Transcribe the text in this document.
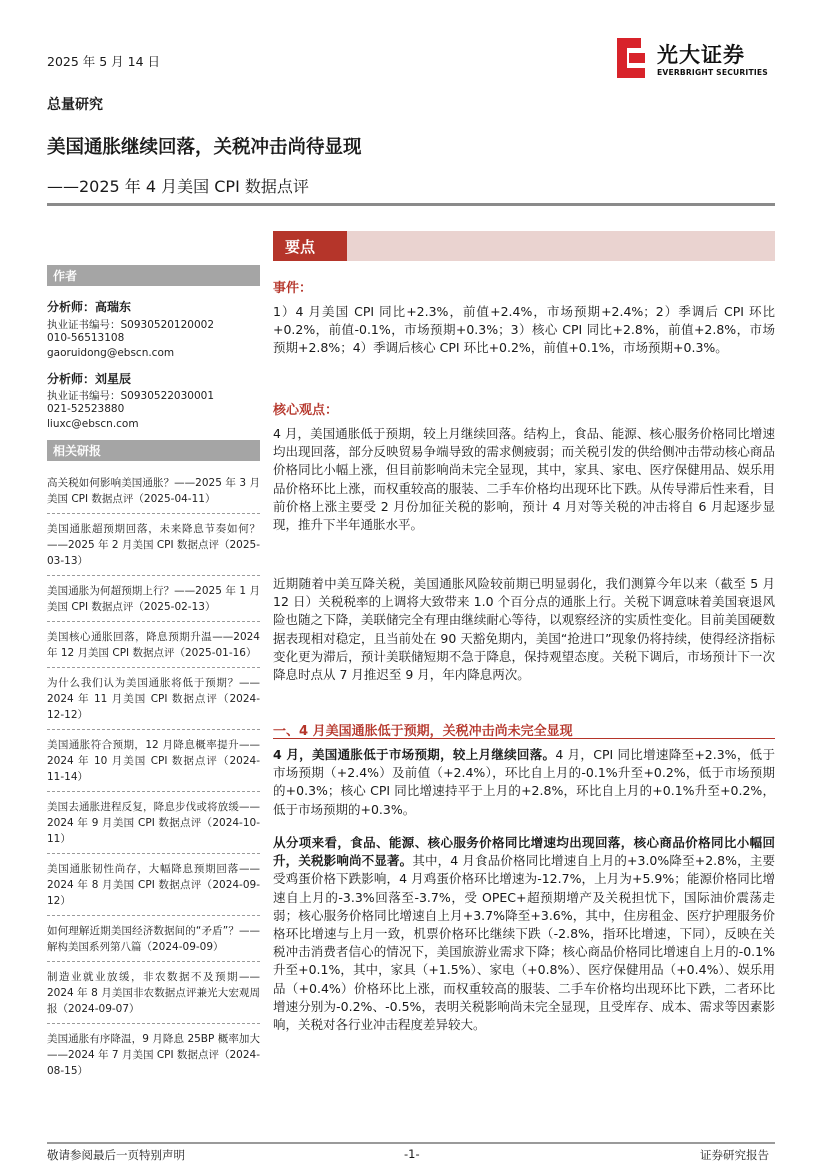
2025 年 5 月 14 日	光大证券
EVERBRIGHT SECURITIES
总量研究
美国通胀继续回落，关税冲击尚待显现
——2025 年 4 月美国 CPI 数据点评
要点
作者
分析师：高瑞东
执业证书编号：S0930520120002
010-56513108
gaoruidong@ebscn.com
分析师：刘星辰
执业证书编号：S0930522030001
021-52523880
liuxc@ebscn.com
相关研报
高关税如何影响美国通胀？——2025 年 3 月美国 CPI 数据点评（2025-04-11）
美国通胀超预期回落，未来降息节奏如何？——2025 年 2 月美国 CPI 数据点评（2025-03-13）
美国通胀为何超预期上行？——2025 年 1 月美国 CPI 数据点评（2025-02-13）
美国核心通胀回落，降息预期升温——2024 年 12 月美国 CPI 数据点评（2025-01-16）
为什么我们认为美国通胀将低于预期？——2024 年 11 月美国 CPI 数据点评（2024-12-12）
美国通胀符合预期，12 月降息概率提升——2024 年 10 月美国 CPI 数据点评（2024-11-14）
美国去通胀进程反复，降息步伐或将放缓——2024 年 9 月美国 CPI 数据点评（2024-10-11）
美国通胀韧性尚存，大幅降息预期回落——2024 年 8 月美国 CPI 数据点评（2024-09-12）
如何理解近期美国经济数据间的“矛盾”？——解构美国系列第八篇（2024-09-09）
制造业就业放缓，非农数据不及预期——2024 年 8 月美国非农数据点评兼光大宏观周报（2024-09-07）
美国通胀有序降温，9 月降息 25BP 概率加大——2024 年 7 月美国 CPI 数据点评（2024-08-15）
事件：
1）4 月美国 CPI 同比+2.3%，前值+2.4%，市场预期+2.4%；2）季调后 CPI 环比+0.2%，前值-0.1%，市场预期+0.3%；3）核心 CPI 同比+2.8%，前值+2.8%，市场预期+2.8%；4）季调后核心 CPI 环比+0.2%，前值+0.1%，市场预期+0.3%。
核心观点：
4 月，美国通胀低于预期，较上月继续回落。结构上，食品、能源、核心服务价格同比增速均出现回落，部分反映贸易争端导致的需求侧疲弱；而关税引发的供给侧冲击带动核心商品价格同比小幅上涨，但目前影响尚未完全显现，其中，家具、家电、医疗保健用品、娱乐用品价格环比上涨，而权重较高的服装、二手车价格均出现环比下跌。从传导滞后性来看，目前价格上涨主要受 2 月份加征关税的影响，预计 4 月对等关税的冲击将自 6 月起逐步显现，推升下半年通胀水平。
近期随着中美互降关税，美国通胀风险较前期已明显弱化，我们测算今年以来（截至 5 月 12 日）关税税率的上调将大致带来 1.0 个百分点的通胀上行。关税下调意味着美国衰退风险也随之下降，美联储完全有理由继续耐心等待，以观察经济的实质性变化。目前美国硬数据表现相对稳定，且当前处在 90 天豁免期内，美国“抢进口”现象仍将持续，使得经济指标变化更为滞后，预计美联储短期不急于降息，保持观望态度。关税下调后，市场预计下一次降息时点从 7 月推迟至 9 月，年内降息两次。
一、4 月美国通胀低于预期，关税冲击尚未完全显现
4 月，美国通胀低于市场预期，较上月继续回落。4 月，CPI 同比增速降至+2.3%，低于市场预期（+2.4%）及前值（+2.4%），环比自上月的-0.1%升至+0.2%，低于市场预期的+0.3%；核心 CPI 同比增速持平于上月的+2.8%，环比自上月的+0.1%升至+0.2%，低于市场预期的+0.3%。
从分项来看，食品、能源、核心服务价格同比增速均出现回落，核心商品价格同比小幅回升，关税影响尚不显著。其中，4 月食品价格同比增速自上月的+3.0%降至+2.8%，主要受鸡蛋价格下跌影响，4 月鸡蛋价格环比增速为-12.7%，上月为+5.9%；能源价格同比增速自上月的-3.3%回落至-3.7%，受 OPEC+超预期增产及关税担忧下，国际油价震荡走弱；核心服务价格同比增速自上月+3.7%降至+3.6%，其中，住房租金、医疗护理服务价格环比增速与上月一致，机票价格环比继续下跌（-2.8%，指环比增速，下同），反映在关税冲击消费者信心的情况下，美国旅游业需求下降；核心商品价格同比增速自上月的-0.1%升至+0.1%，其中，家具（+1.5%）、家电（+0.8%）、医疗保健用品（+0.4%）、娱乐用品（+0.4%）价格环比上涨，而权重较高的服装、二手车价格均出现环比下跌，二者环比增速分别为-0.2%、-0.5%，表明关税影响尚未完全显现，且受库存、成本、需求等因素影响，关税对各行业冲击程度差异较大。
敬请参阅最后一页特别声明	-1-	证券研究报告
